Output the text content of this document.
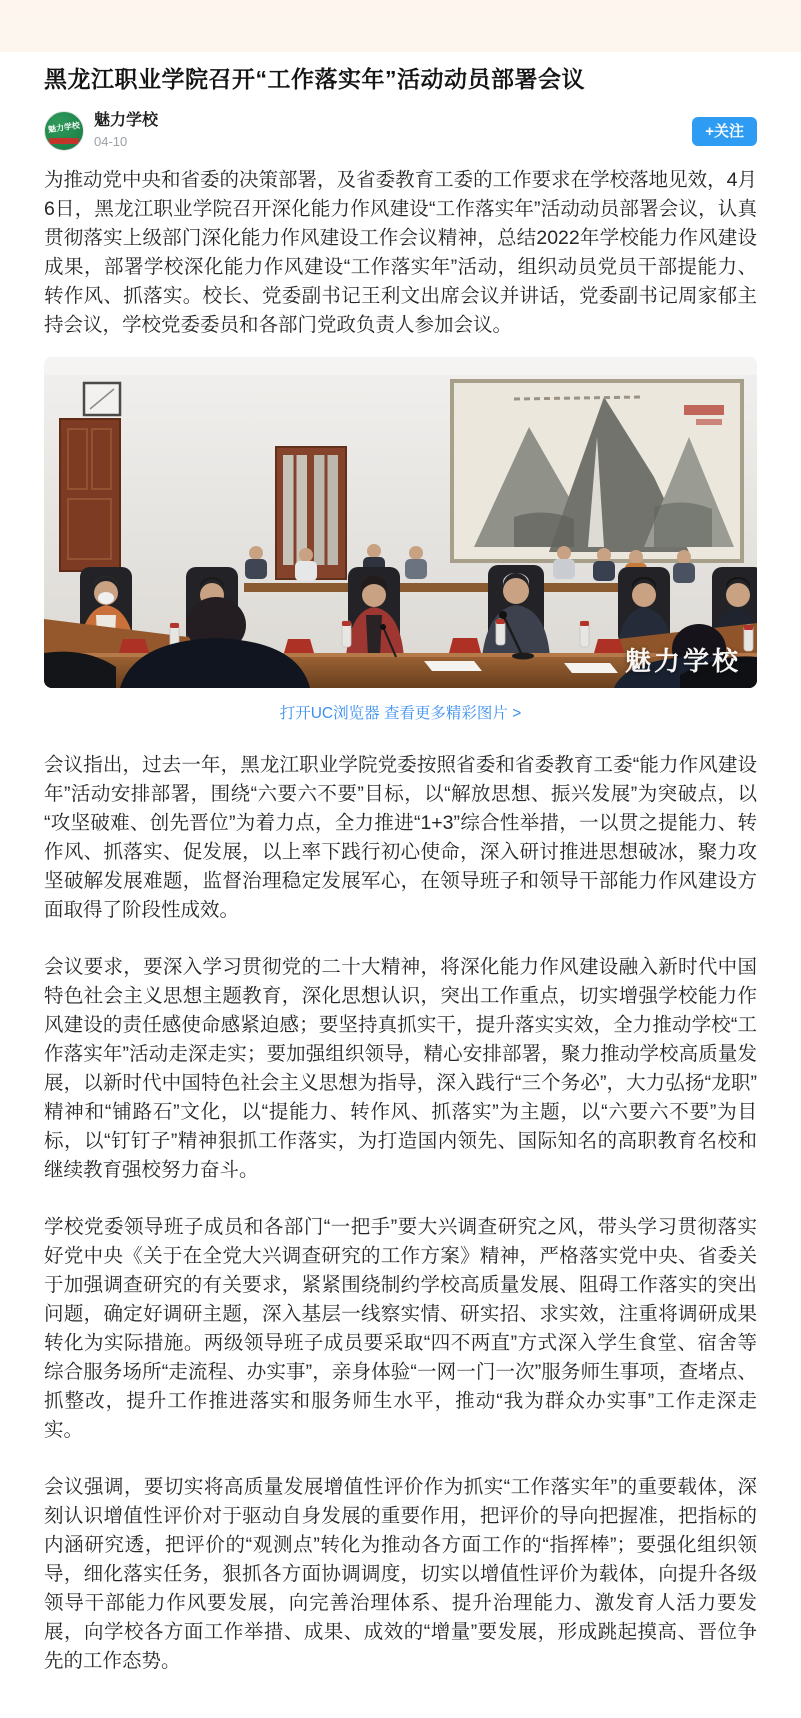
黑龙江职业学院召开“工作落实年”活动动员部署会议
魅力学校 魅力学校
04-10
+关注

为推动党中央和省委的决策部署，及省委教育工委的工作要求在学校落地见效，4月6日，黑龙江职业学院召开深化能力作风建设“工作落实年”活动动员部署会议，认真贯彻落实上级部门深化能力作风建设工作会议精神，总结2022年学校能力作风建设成果，部署学校深化能力作风建设“工作落实年”活动，组织动员党员干部提能力、转作风、抓落实。校长、党委副书记王利文出席会议并讲话，党委副书记周家郁主持会议，学校党委委员和各部门党政负责人参加会议。

魅力学校
打开UC浏览器 查看更多精彩图片 >

会议指出，过去一年，黑龙江职业学院党委按照省委和省委教育工委“能力作风建设年”活动安排部署，围绕“六要六不要”目标，以“解放思想、振兴发展”为突破点，以“攻坚破难、创先晋位”为着力点，全力推进“1+3”综合性举措，一以贯之提能力、转作风、抓落实、促发展，以上率下践行初心使命，深入研讨推进思想破冰，聚力攻坚破解发展难题，监督治理稳定发展军心，在领导班子和领导干部能力作风建设方面取得了阶段性成效。

会议要求，要深入学习贯彻党的二十大精神，将深化能力作风建设融入新时代中国特色社会主义思想主题教育，深化思想认识，突出工作重点，切实增强学校能力作风建设的责任感使命感紧迫感；要坚持真抓实干，提升落实实效，全力推动学校“工作落实年”活动走深走实；要加强组织领导，精心安排部署，聚力推动学校高质量发展，以新时代中国特色社会主义思想为指导，深入践行“三个务必”，大力弘扬“龙职”精神和“铺路石”文化，以“提能力、转作风、抓落实”为主题，以“六要六不要”为目标，以“钉钉子”精神狠抓工作落实，为打造国内领先、国际知名的高职教育名校和继续教育强校努力奋斗。

学校党委领导班子成员和各部门“一把手”要大兴调查研究之风，带头学习贯彻落实好党中央《关于在全党大兴调查研究的工作方案》精神，严格落实党中央、省委关于加强调查研究的有关要求，紧紧围绕制约学校高质量发展、阻碍工作落实的突出问题，确定好调研主题，深入基层一线察实情、研实招、求实效，注重将调研成果转化为实际措施。两级领导班子成员要采取“四不两直”方式深入学生食堂、宿舍等综合服务场所“走流程、办实事”，亲身体验“一网一门一次”服务师生事项，查堵点、抓整改，提升工作推进落实和服务师生水平，推动“我为群众办实事”工作走深走实。

会议强调，要切实将高质量发展增值性评价作为抓实“工作落实年”的重要载体，深刻认识增值性评价对于驱动自身发展的重要作用，把评价的导向把握准，把指标的内涵研究透，把评价的“观测点”转化为推动各方面工作的“指挥棒”；要强化组织领导，细化落实任务，狠抓各方面协调调度，切实以增值性评价为载体，向提升各级领导干部能力作风要发展，向完善治理体系、提升治理能力、激发育人活力要发展，向学校各方面工作举措、成果、成效的“增量”要发展，形成跳起摸高、晋位争先的工作态势。
